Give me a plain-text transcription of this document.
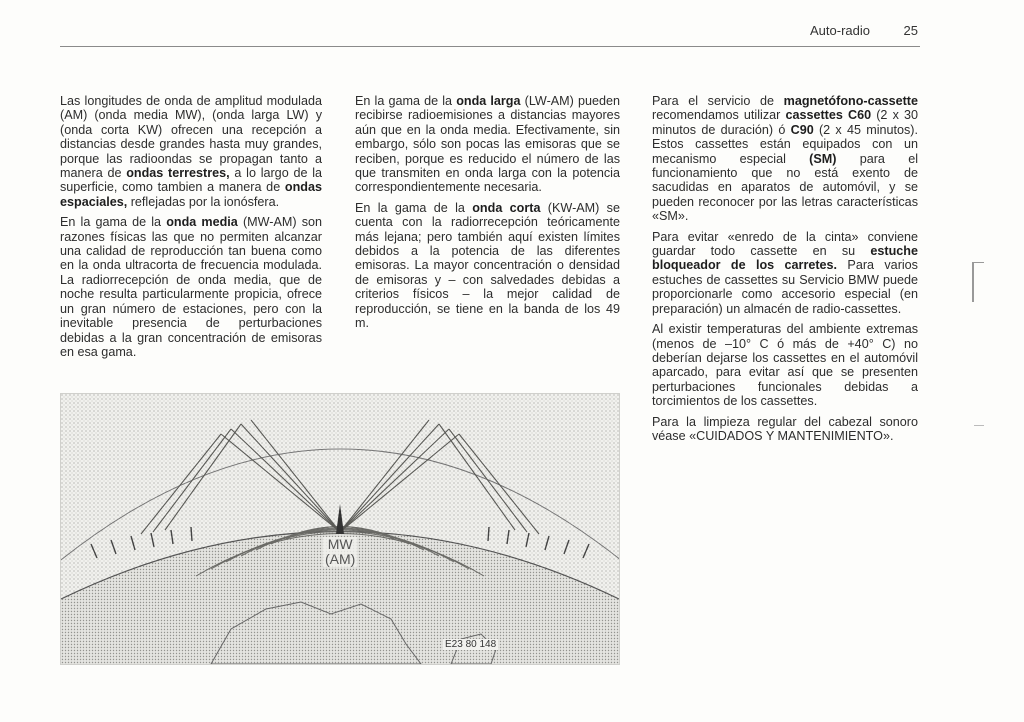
Auto-radio	25

Las longitudes de onda de amplitud modulada (AM) (onda media MW), (onda larga LW) y (onda corta KW) ofrecen una recepción a distancias desde grandes hasta muy grandes, porque las radioondas se propagan tanto a manera de ondas terrestres, a lo largo de la superficie, como tambien a manera de ondas espaciales, reflejadas por la ionósfera.

En la gama de la onda media (MW-AM) son razones físicas las que no permiten alcanzar una calidad de reproducción tan buena como en la onda ultracorta de frecuencia modulada. La radiorrecepción de onda media, que de noche resulta particularmente propicia, ofrece un gran número de estaciones, pero con la inevitable presencia de perturbaciones debidas a la gran concentración de emisoras en esa gama.

En la gama de la onda larga (LW-AM) pueden recibirse radioemisiones a distancias mayores aún que en la onda media. Efectivamente, sin embargo, sólo son pocas las emisoras que se reciben, porque es reducido el número de las que transmiten en onda larga con la potencia correspondientemente necesaria.

En la gama de la onda corta (KW-AM) se cuenta con la radiorrecepción teóricamente más lejana; pero también aquí existen límites debidos a la potencia de las diferentes emisoras. La mayor concentración o densidad de emisoras y – con salvedades debidas a criterios físicos – la mejor calidad de reproducción, se tiene en la banda de los 49 m.

Para el servicio de magnetófono-cassette recomendamos utilizar cassettes C60 (2 x 30 minutos de duración) ó C90 (2 x 45 minutos). Estos cassettes están equipados con un mecanismo especial (SM) para el funcionamiento que no está exento de sacudidas en aparatos de automóvil, y se pueden reconocer por las letras características «SM».

Para evitar «enredo de la cinta» conviene guardar todo cassette en su estuche bloqueador de los carretes. Para varios estuches de cassettes su Servicio BMW puede proporcionarle como accesorio especial (en preparación) un almacén de radio-cassettes.

Al existir temperaturas del ambiente extremas (menos de –10° C ó más de +40° C) no deberían dejarse los cassettes en el automóvil aparcado, para evitar así que se presenten perturbaciones funcionales debidas a torcimientos de los cassettes.

Para la limpieza regular del cabezal sonoro véase «CUIDADOS Y MANTENIMIENTO».

MW
(AM)
E23 80 148
